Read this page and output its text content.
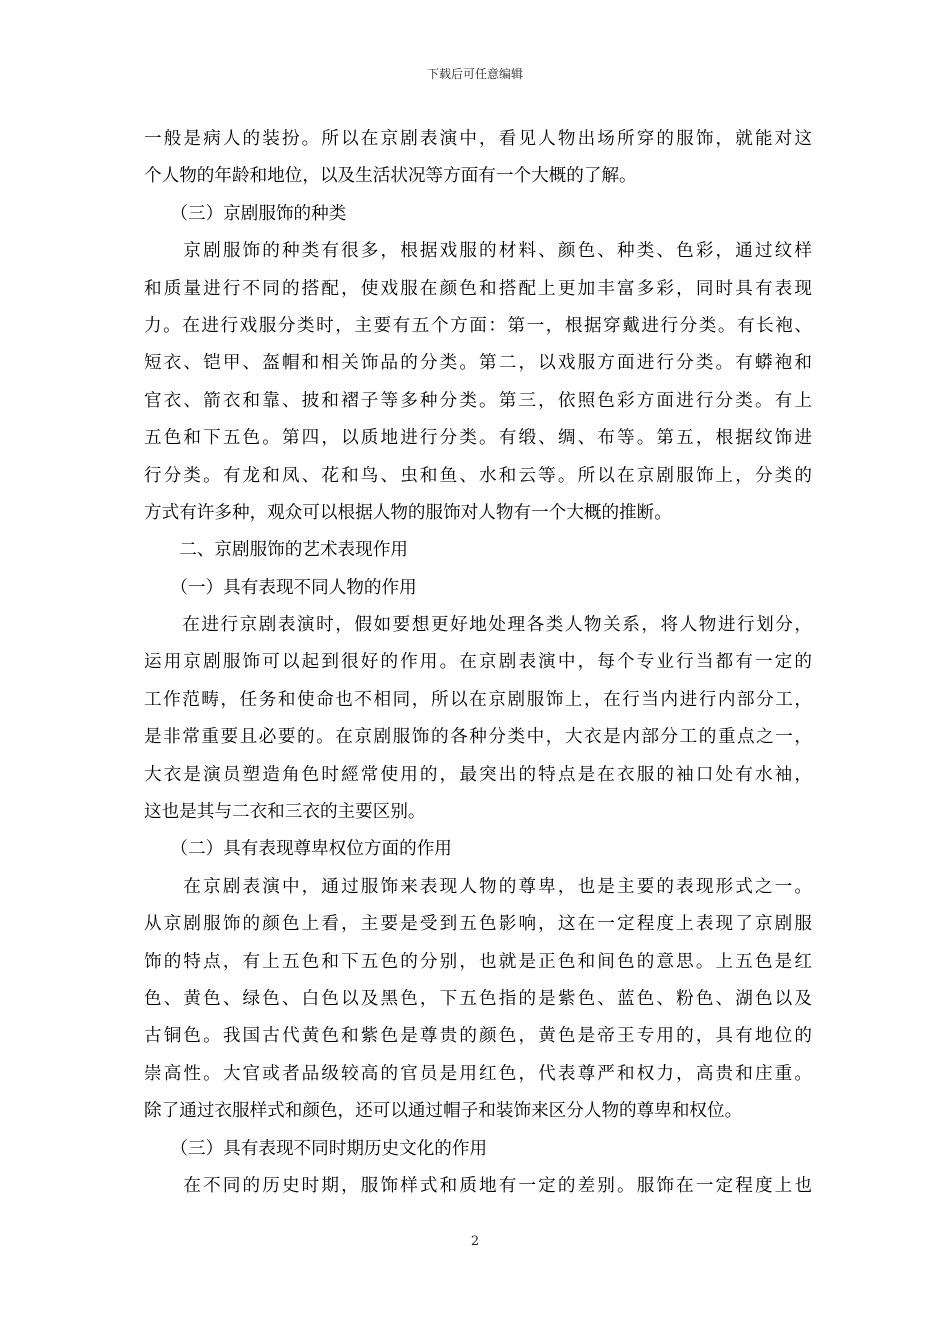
下载后可任意编辑
一般是病人的装扮。所以在京剧表演中，看见人物出场所穿的服饰，就能对这
个人物的年龄和地位，以及生活状况等方面有一个大概的了解。
　　（三）京剧服饰的种类
　　京剧服饰的种类有很多，根据戏服的材料、颜色、种类、色彩，通过纹样
和质量进行不同的搭配，使戏服在颜色和搭配上更加丰富多彩，同时具有表现
力。在进行戏服分类时，主要有五个方面：第一，根据穿戴进行分类。有长袍、
短衣、铠甲、盔帽和相关饰品的分类。第二，以戏服方面进行分类。有蟒袍和
官衣、箭衣和靠、披和褶子等多种分类。第三，依照色彩方面进行分类。有上
五色和下五色。第四，以质地进行分类。有缎、绸、布等。第五，根据纹饰进
行分类。有龙和凤、花和鸟、虫和鱼、水和云等。所以在京剧服饰上，分类的
方式有许多种，观众可以根据人物的服饰对人物有一个大概的推断。
　　二、京剧服饰的艺术表现作用
　　（一）具有表现不同人物的作用
　　在进行京剧表演时，假如要想更好地处理各类人物关系，将人物进行划分，
运用京剧服饰可以起到很好的作用。在京剧表演中，每个专业行当都有一定的
工作范畴，任务和使命也不相同，所以在京剧服饰上，在行当内进行内部分工，
是非常重要且必要的。在京剧服饰的各种分类中，大衣是内部分工的重点之一，
大衣是演员塑造角色时經常使用的，最突出的特点是在衣服的袖口处有水袖，
这也是其与二衣和三衣的主要区别。
　　（二）具有表现尊卑权位方面的作用
　　在京剧表演中，通过服饰来表现人物的尊卑，也是主要的表现形式之一。
从京剧服饰的颜色上看，主要是受到五色影响，这在一定程度上表现了京剧服
饰的特点，有上五色和下五色的分别，也就是正色和间色的意思。上五色是红
色、黄色、绿色、白色以及黑色，下五色指的是紫色、蓝色、粉色、湖色以及
古铜色。我国古代黄色和紫色是尊贵的颜色，黄色是帝王专用的，具有地位的
崇高性。大官或者品级较高的官员是用红色，代表尊严和权力，高贵和庄重。
除了通过衣服样式和颜色，还可以通过帽子和装饰来区分人物的尊卑和权位。
　　（三）具有表现不同时期历史文化的作用
　　在不同的历史时期，服饰样式和质地有一定的差别。服饰在一定程度上也
2
